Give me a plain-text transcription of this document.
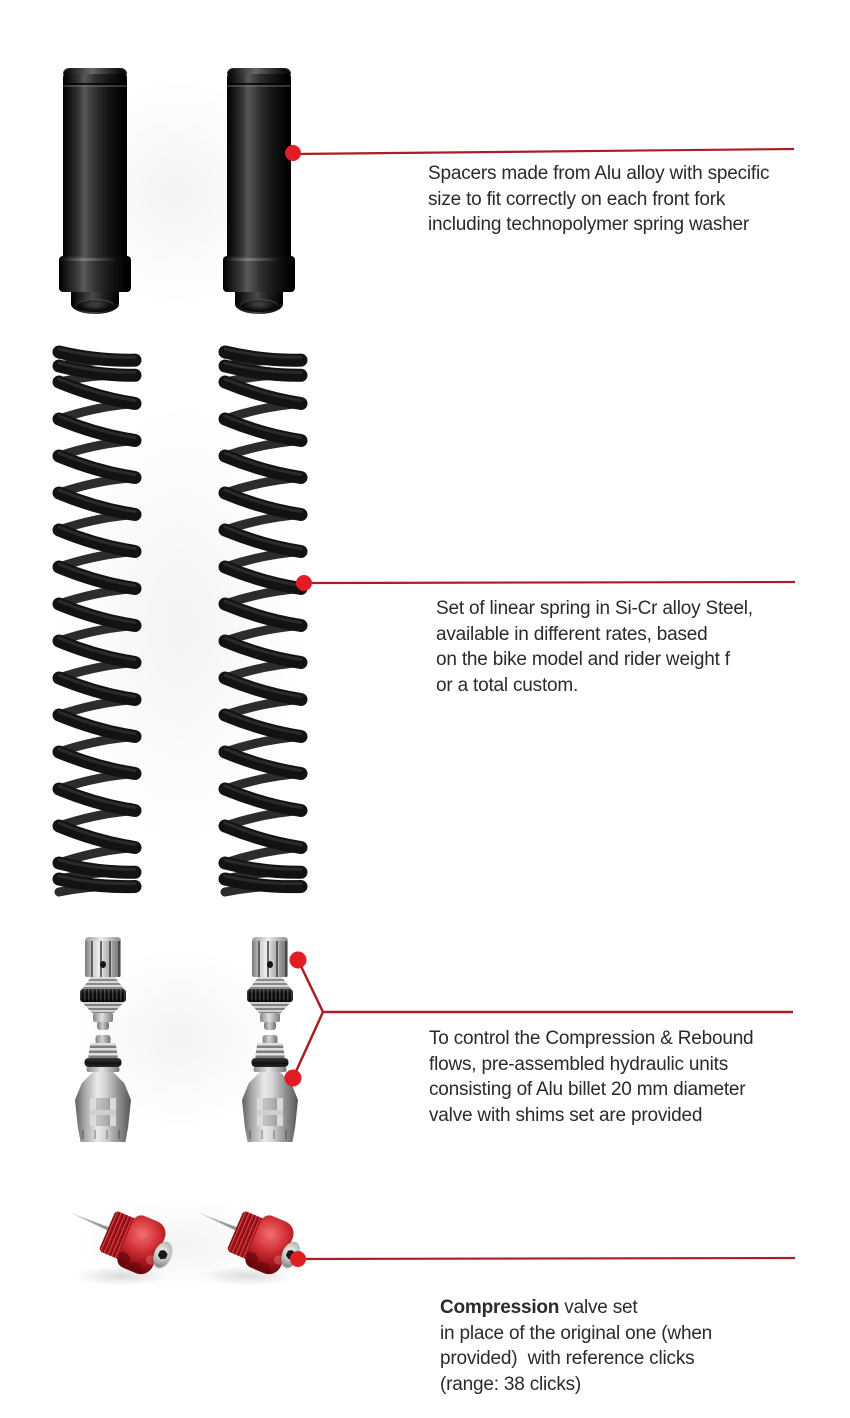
Spacers made from Alu alloy with specific
size to fit correctly on each front fork
including technopolymer spring washer
Set of linear spring in Si-Cr alloy Steel,
available in different rates, based
on the bike model and rider weight f
or a total custom.
To control the Compression & Rebound
flows, pre-assembled hydraulic units
consisting of Alu billet 20 mm diameter
valve with shims set are provided
Compression valve set
in place of the original one (when
provided)  with reference clicks
(range: 38 clicks)
